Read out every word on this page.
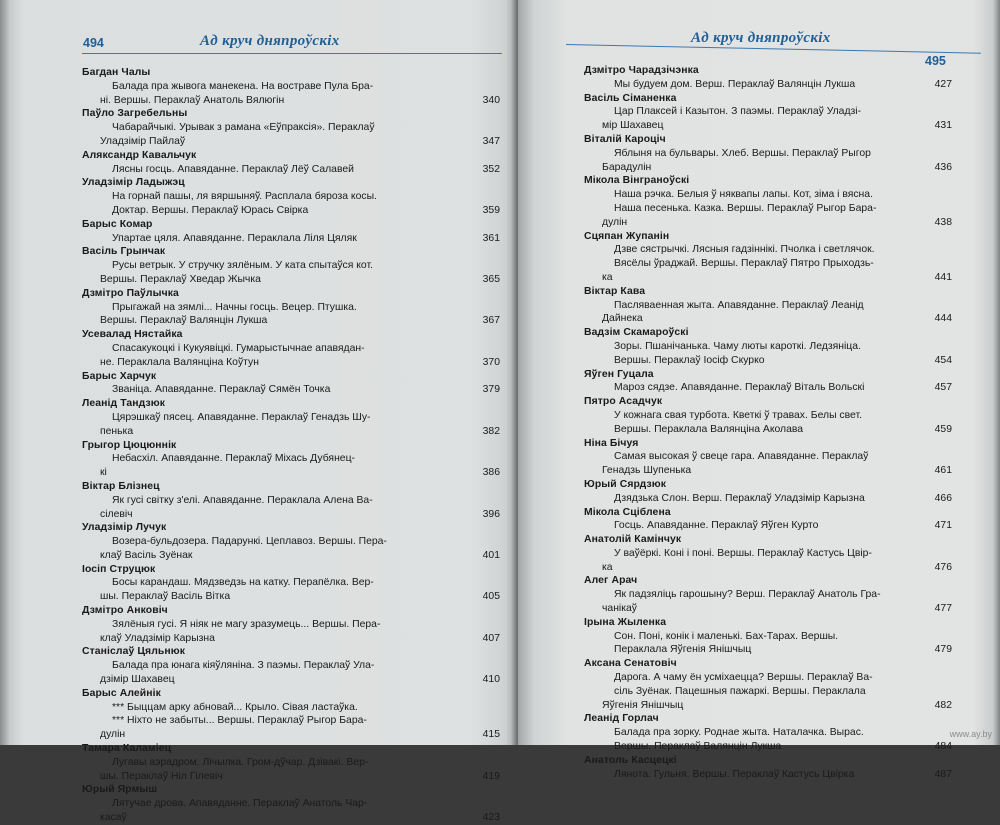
494	Ад круч дняпроўскіх
Багдан Чалы
Балада пра жывога манекена. На востраве Пула Бра-
340
ні. Вершы. Пераклаў Анатоль Вялюгін
Паўло Загребельны
Чабарайчыкі. Урывак з рамана «Еўпраксія». Пераклаў
347
Уладзімір Пайлаў
Аляксандр Кавальчук
352
Лясны госць. Апавяданне. Пераклаў Лёў Салавей
Уладзімір Ладыжэц
На горнай пашы, ля вяршыняў. Расплала бяроза косы.
359
Доктар. Вершы. Пераклаў Юрась Свірка
Барыс Комар
361
Упартае цяля. Апавяданне. Пераклала Ліля Цяляк
Васіль Грынчак
Русы ветрык. У стручку зялёным. У ката спытаўся кот.
365
Вершы. Пераклаў Хведар Жычка
Дзмітро Паўлычка
Прыгажай на зямлі... Начны госць. Вецер. Птушка.
367
Вершы. Пераклаў Валянцін Лукша
Усевалад Нястайка
Спасакукоцкі і Кукуявіцкі. Гумарыстычнае апавядан-
370
не. Пераклала Валянціна Коўтун
Барыс Харчук
379
Званіца. Апавяданне. Пераклаў Сямён Точка
Леанід Тандзюк
Цярэшкаў пясец. Апавяданне. Пераклаў Генадзь Шу-
382
пенька
Грыгор Цюцюннік
Небасхіл. Апавяданне. Пераклаў Міхась Дубянец-
386
кі
Віктар Блізнец
Як гусі світку з'елі. Апавяданне. Пераклала Алена Ва-
396
сілевіч
Уладзімір Лучук
Возера-бульдозера. Падарункі. Цеплавоз. Вершы. Пера-
401
клаў Васіль Зуёнак
Іосіп Струцюк
Босы карандаш. Мядзведзь на катку. Перапёлка. Вер-
405
шы. Пераклаў Васіль Вітка
Дзмітро Анковіч
Зялёныя гусі. Я ніяк не магу зразумець... Вершы. Пера-
407
клаў Уладзімір Карызна
Станіслаў Цяльнюк
Балада пра юнага кіяўляніна. З паэмы. Пераклаў Ула-
410
дзімір Шахавец
Барыс Алейнік
*** Быццам арку абновай... Крыло. Сівая ластаўка.
*** Ніхто не забыты... Вершы. Пераклаў Рыгор Бара-
415
дулін
Тамара Каламіец
Лугавы аэрадром. Лічылка. Гром-дўчар. Дзівакі. Вер-
419
шы. Пераклаў Ніл Гілевіч
Юрый Ярмыш
Лятучае дрова. Апавяданне. Пераклаў Анатоль Чар-
423
касаў
Ад круч дняпроўскіх
495
Дзмітро Чарадзічэнка
427
Мы будуем дом. Верш. Пераклаў Валянцін Лукша
Васіль Сіманенка
Цар Плаксей і Казытон. З паэмы. Пераклаў Уладзі-
431
мір Шахавец
Віталій Кароціч
Яблыня на бульвары. Хлеб. Вершы. Пераклаў Рыгор
436
Барадулін
Мікола Вінграноўскі
Наша рэчка. Белыя ў няквапы лапы. Кот, зіма і вясна.
Наша песенька. Казка. Вершы. Пераклаў Рыгор Бара-
438
дулін
Сцяпан Жупанін
Дзве сястрычкі. Лясныя гадзіннікі. Пчолка і светлячок.
Вясёлы ўраджай. Вершы. Пераклаў Пятро Прыходзь-
441
ка
Віктар Кава
Пасляваенная жыта. Апавяданне. Пераклаў Леанід
444
Дайнека
Вадзім Скамароўскі
Зоры. Пшанічанька. Чаму люты кароткі. Ледзяніца.
454
Вершы. Пераклаў Іосіф Скурко
Яўген Гуцала
457
Мароз сядзе. Апавяданне. Пераклаў Віталь Вольскі
Пятро Асадчук
У кожнага свая турбота. Кветкі ў травах. Белы свет.
459
Вершы. Пераклала Валянціна Аколава
Ніна Бічуя
Самая высокая ў свеце гара. Апавяданне. Пераклаў
461
Генадзь Шупенька
Юрый Сярдзюк
466
Дзядзька Слон. Верш. Пераклаў Уладзімір Карызна
Мікола Сціблена
471
Госць. Апавяданне. Пераклаў Яўген Курто
Анатолій Камінчук
У ваўёркі. Коні і поні. Вершы. Пераклаў Кастусь Цвір-
476
ка
Алег Арач
Як падзяліць гарошыну? Верш. Пераклаў Анатоль Гра-
477
чанікаў
Ірына Жыленка
Сон. Поні, конік і маленькі. Бах-Тарах. Вершы.
479
Пераклала Яўгенія Янішчыц
Аксана Сенатовіч
Дарога. А чаму ён усміхаецца? Вершы. Пераклаў Ва-
сіль Зуёнак. Пацешныя пажаркі. Вершы. Пераклала
482
Яўгенія Янішчыц
Леанід Горлач
Балада пра зорку. Роднае жыта. Наталачка. Вырас.
484
Вершы. Пераклаў Валянцін Лукша
Анатоль Касцецкі
487
Лянота. Гульня. Вершы. Пераклаў Кастусь Цвірка
www.ay.by
